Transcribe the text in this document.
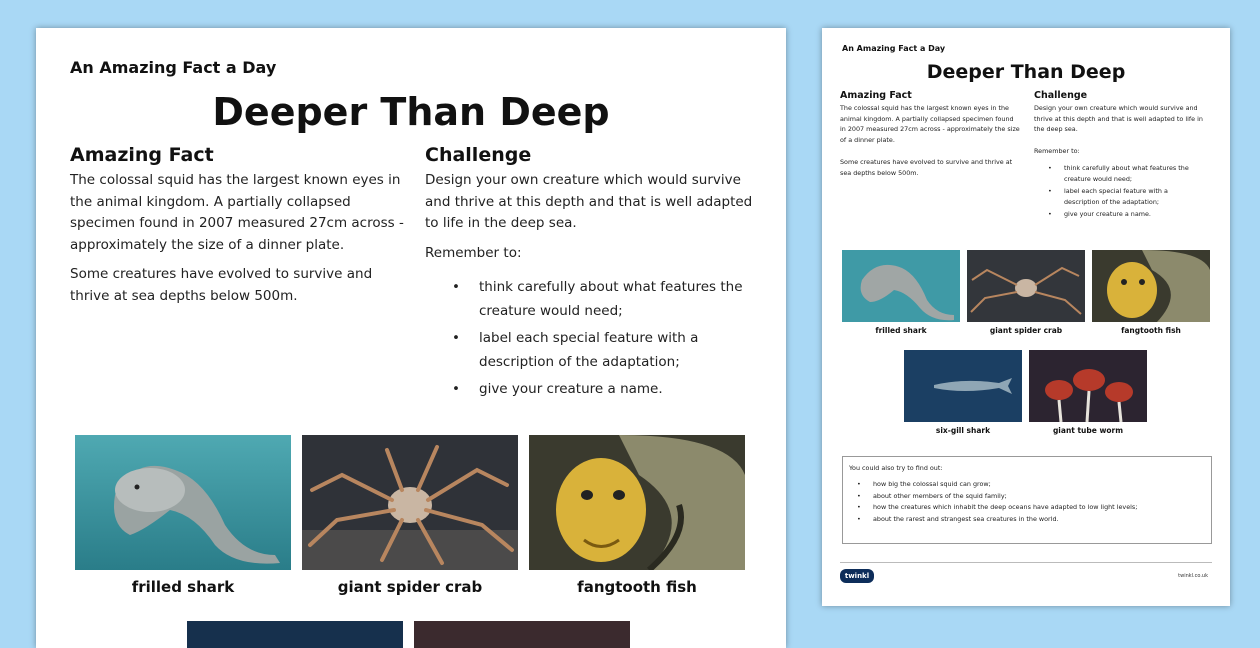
An Amazing Fact a Day
Deeper Than Deep
Amazing Fact

The colossal squid has the largest known eyes in the animal kingdom. A partially collapsed specimen found in 2007 measured 27cm across - approximately the size of a dinner plate.

Some creatures have evolved to survive and thrive at sea depths below 500m.

Challenge

Design your own creature which would survive and thrive at this depth and that is well adapted to life in the deep sea.

Remember to:

• think carefully about what features the creature would need;
• label each special feature with a description of the adaptation;
• give your creature a name.
frilled shark	giant spider crab	fangtooth fish
An Amazing Fact a Day
Deeper Than Deep
Amazing Fact

The colossal squid has the largest known eyes in the animal kingdom. A partially collapsed specimen found in 2007 measured 27cm across - approximately the size of a dinner plate.

Some creatures have evolved to survive and thrive at sea depths below 500m.

Challenge

Design your own creature which would survive and thrive at this depth and that is well adapted to life in the deep sea.

Remember to:

• think carefully about what features the creature would need;
• label each special feature with a description of the adaptation;
• give your creature a name.
frilled shark	giant spider crab	fangtooth fish
six-gill shark	giant tube worm

You could also try to find out:

• how big the colossal squid can grow;
• about other members of the squid family;
• how the creatures which inhabit the deep oceans have adapted to low light levels;
• about the rarest and strangest sea creatures in the world.
twinkl	twinkl.co.uk
